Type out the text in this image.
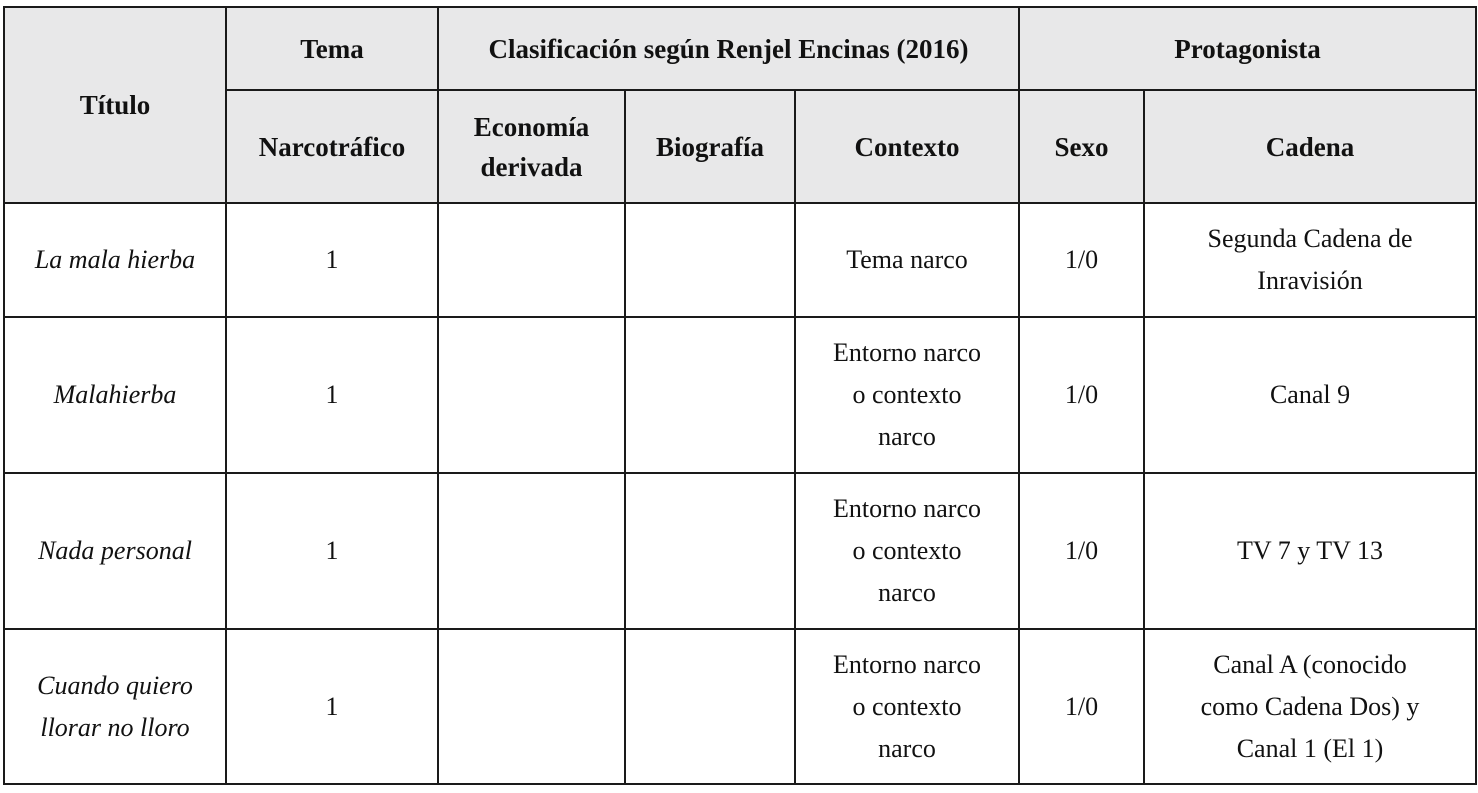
Título	Tema	Clasificación según Renjel Encinas (2016)			Protagonista	
	Narcotráfico	Economía
derivada	Biografía	Contexto	Sexo	Cadena
La mala hierba	1			Tema narco	1/0	Segunda Cadena de
Inravisión
Malahierba	1			Entorno narco
o contexto
narco	1/0	Canal 9
Nada personal	1			Entorno narco
o contexto
narco	1/0	TV 7 y TV 13
Cuando quiero
llorar no lloro	1			Entorno narco
o contexto
narco	1/0	Canal A (conocido
como Cadena Dos) y
Canal 1 (El 1)
